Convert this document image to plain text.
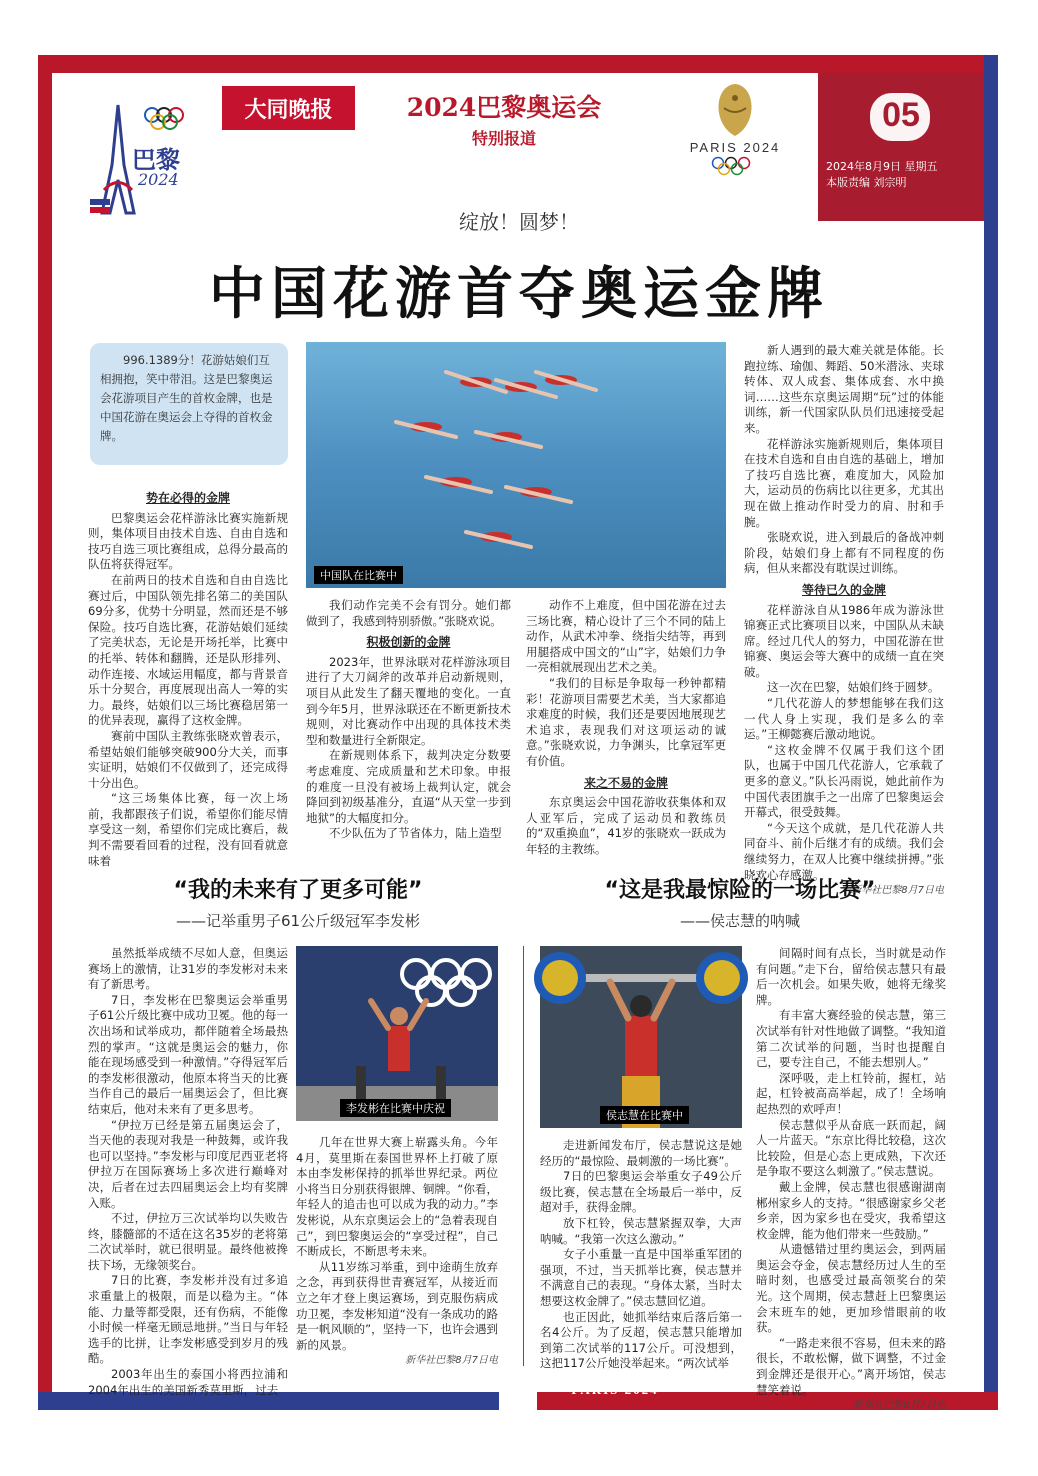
巴黎
2024
大同晚报	2024巴黎奥运会
特别报道	PARIS 2024
05
2024年8月9日 星期五
本版责编 刘宗明
绽放！圆梦！
中国花游首夺奥运金牌
996.1389分！花游姑娘们互相拥抱，笑中带泪。这是巴黎奥运会花游项目产生的首枚金牌，也是中国花游在奥运会上夺得的首枚金牌。
中国队在比赛中
势在必得的金牌

巴黎奥运会花样游泳比赛实施新规则，集体项目由技术自选、自由自选和技巧自选三项比赛组成，总得分最高的队伍将获得冠军。

在前两日的技术自选和自由自选比赛过后，中国队领先排名第二的美国队69分多，优势十分明显，然而还是不够保险。技巧自选比赛，花游姑娘们延续了完美状态，无论是开场托举，比赛中的托举、转体和翻腾，还是队形排列、动作连接、水域运用幅度，都与背景音乐十分契合，再度展现出高人一筹的实力。最终，姑娘们以三场比赛稳居第一的优异表现，赢得了这枚金牌。

赛前中国队主教练张晓欢曾表示，希望姑娘们能够突破900分大关，而事实证明，姑娘们不仅做到了，还完成得十分出色。

“这三场集体比赛，每一次上场前，我都跟孩子们说，希望你们能尽情享受这一刻，希望你们完成比赛后，裁判不需要看回看的过程，没有回看就意味着

我们动作完美不会有罚分。她们都做到了，我感到特别骄傲。”张晓欢说。

积极创新的金牌

2023年，世界泳联对花样游泳项目进行了大刀阔斧的改革并启动新规则，项目从此发生了翻天覆地的变化。一直到今年5月，世界泳联还在不断更新技术规则，对比赛动作中出现的具体技术类型和数量进行全新限定。

在新规则体系下，裁判决定分数要考虑难度、完成质量和艺术印象。申报的难度一旦没有被场上裁判认定，就会降回到初级基准分，直逼“从天堂一步到地狱”的大幅度扣分。

不少队伍为了节省体力，陆上造型

动作不上难度，但中国花游在过去三场比赛，精心设计了三个不同的陆上动作，从武术冲拳、绕指尖结等，再到用腿搭成中国文的“山”字，姑娘们力争一亮相就展现出艺术之美。

“我们的目标是争取每一秒钟都精彩！花游项目需要艺术美，当大家都追求难度的时候，我们还是要因地展现艺术追求，表现我们对这项运动的诚意。”张晓欢说，力争渊头，比拿冠军更有价值。

来之不易的金牌

东京奥运会中国花游收获集体和双人亚军后，完成了运动员和教练员的“双重换血”，41岁的张晓欢一跃成为年轻的主教练。

新人遇到的最大难关就是体能。长跑拉练、瑜伽、舞蹈、50米潜泳、夹球转体、双人成套、集体成套、水中换词……这些东京奥运周期“玩”过的体能训练，新一代国家队队员们迅速接受起来。

花样游泳实施新规则后，集体项目在技术自选和自由自选的基础上，增加了技巧自选比赛，难度加大，风险加大，运动员的伤病比以往更多，尤其出现在做上推动作时受力的肩、肘和手腕。

张晓欢说，进入到最后的备战冲刺阶段，姑娘们身上都有不同程度的伤病，但从来都没有耽误过训练。

等待已久的金牌

花样游泳自从1986年成为游泳世锦赛正式比赛项目以来，中国队从未缺席。经过几代人的努力，中国花游在世锦赛、奥运会等大赛中的成绩一直在突破。

这一次在巴黎，姑娘们终于圆梦。

“几代花游人的梦想能够在我们这一代人身上实现，我们是多么的幸运。”王柳懿赛后激动地说。

“这枚金牌不仅属于我们这个团队，也属于中国几代花游人，它承载了更多的意义。”队长冯雨说，她此前作为中国代表团旗手之一出席了巴黎奥运会开幕式，很受鼓舞。

“今天这个成就，是几代花游人共同奋斗、前仆后继才有的成绩。我们会继续努力，在双人比赛中继续拼搏。”张晓欢心存感激。

新华社巴黎8月7日电

“我的未来有了更多可能”
——记举重男子61公斤级冠军李发彬

虽然抵举成绩不尽如人意，但奥运赛场上的激情，让31岁的李发彬对未来有了新思考。

7日，李发彬在巴黎奥运会举重男子61公斤级比赛中成功卫冕。他的每一次出场和试举成功，都伴随着全场最热烈的掌声。“这就是奥运会的魅力，你能在现场感受到一种激情。”夺得冠军后的李发彬很激动，他原本将当天的比赛当作自己的最后一届奥运会了，但比赛结束后，他对未来有了更多思考。

“伊拉万已经是第五届奥运会了，当天他的表现对我是一种鼓舞，或许我也可以坚持。”李发彬与印度尼西亚老将伊拉万在国际赛场上多次进行巅峰对决，后者在过去四届奥运会上均有奖牌入账。

不过，伊拉万三次试举均以失败告终，膝髓部的不适在这名35岁的老将第二次试举时，就已很明显。最终他被搀扶下场，无缘领奖台。

7日的比赛，李发彬并没有过多追求重量上的极限，而是以稳为主。“体能、力量等都受限，还有伤病，不能像小时候一样毫无顾忌地拼。”当日与年轻选手的比拼，让李发彬感受到岁月的残酷。

2003年出生的泰国小将西拉浦和2004年出生的美国新秀莫里斯，过去

李发彬在比赛中庆祝

几年在世界大赛上崭露头角。今年4月，莫里斯在泰国世界杯上打破了原本由李发彬保持的抓举世界纪录。两位小将当日分别获得银牌、铜牌。“你看，年轻人的追击也可以成为我的动力。”李发彬说，从东京奥运会上的“急着表现自己”，到巴黎奥运会的“享受过程”，自己不断成长，不断思考未来。

从11岁练习举重，到中途萌生放弃之念，再到获得世青赛冠军，从接近而立之年才登上奥运赛场，到克服伤病成功卫冕，李发彬知道“没有一条成功的路是一帆风顺的”，坚持一下，也许会遇到新的风景。

新华社巴黎8月7日电

“这是我最惊险的一场比赛”
——侯志慧的呐喊
侯志慧在比赛中

走进新闻发布厅，侯志慧说这是她经历的“最惊险、最刺激的一场比赛”。

7日的巴黎奥运会举重女子49公斤级比赛，侯志慧在全场最后一举中，反超对手，获得金牌。

放下杠铃，侯志慧紧握双拳，大声呐喊。“我第一次这么激动。”

女子小重量一直是中国举重军团的强项，不过，当天抓举比赛，侯志慧并不满意自己的表现。“身体太紧，当时太想要这枚金牌了。”侯志慧回忆道。

也正因此，她抓举结束后落后第一名4公斤。为了反超，侯志慧只能增加到第二次试举的117公斤。可没想到，这把117公斤她没举起来。“两次试举

间隔时间有点长，当时就是动作有问题。”走下台，留给侯志慧只有最后一次机会。如果失败，她将无缘奖牌。

有丰富大赛经验的侯志慧，第三次试举有针对性地做了调整。“我知道第二次试举的问题，当时也提醒自己，要专注自己，不能去想别人。”

深呼吸，走上杠铃前，握杠，站起，杠铃被高高举起，成了！全场响起热烈的欢呼声！

侯志慧似乎从奋底一跃而起，阔人一片蓝天。“东京比得比较稳，这次比较险，但是心态上更成熟，下次还是争取不要这么刺激了。”侯志慧说。

戴上金牌，侯志慧也很感谢湖南郴州家乡人的支持。“很感谢家乡父老乡亲，因为家乡也在受灾，我希望这枚金牌，能为他们带来一些鼓励。”

从遗憾错过里约奥运会，到两届奥运会夺金，侯志慧经历过人生的至暗时刻，也感受过最高领奖台的荣光。这个周期，侯志慧赶上巴黎奥运会末班车的她，更加珍惜眼前的收获。

“一路走来很不容易，但未来的路很长，不敢松懈，做下调整，不过金到金牌还是很开心。”离开场馆，侯志慧笑着说。

新华社巴黎8月7日电

PARIS 2024
